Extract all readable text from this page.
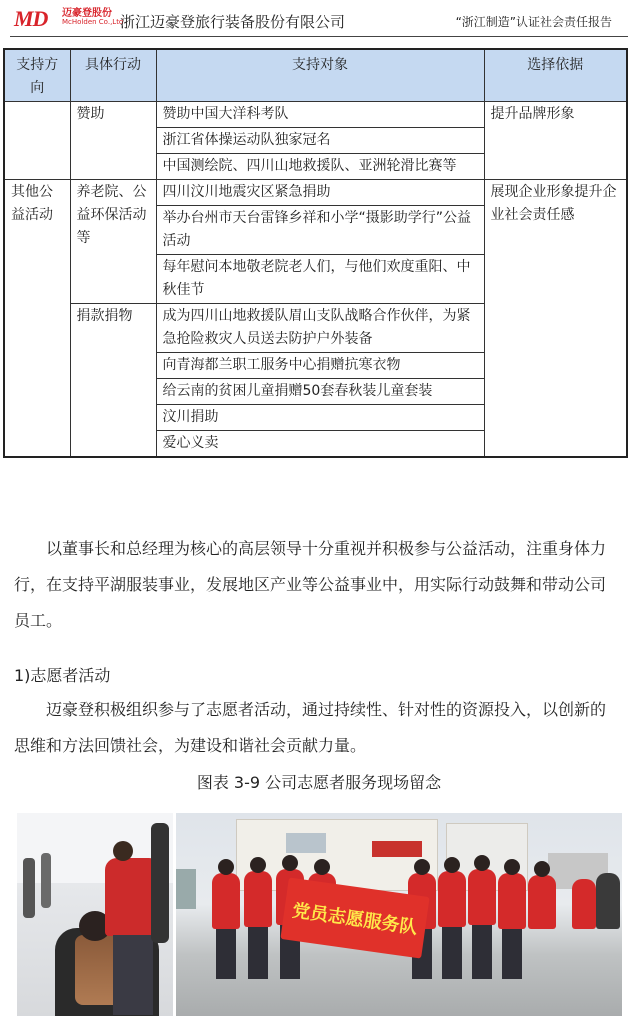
MD 迈豪登股份
McHolden Co.,Ltd
浙江迈豪登旅行装备股份有限公司	“浙江制造”认证社会责任报告
支持方向	具体行动	支持对象	选择依据
	赞助	赞助中国大洋科考队	提升品牌形象
		浙江省体操运动队独家冠名	
		中国测绘院、四川山地救援队、亚洲轮滑比赛等	
其他公益活动	养老院、公益环保活动等	四川汶川地震灾区紧急捐助	展现企业形象提升企业社会责任感
		举办台州市天台雷锋乡祥和小学“摄影助学行”公益活动	
		每年慰问本地敬老院老人们，与他们欢度重阳、中秋佳节	
	捐款捐物	成为四川山地救援队眉山支队战略合作伙伴，为紧急抢险救灾人员送去防护户外装备	
		向青海都兰职工服务中心捐赠抗寒衣物	
		给云南的贫困儿童捐赠50套春秋装儿童套装	
		汶川捐助	
		爱心义卖	

以董事长和总经理为核心的高层领导十分重视并积极参与公益活动，注重身体力行，在支持平湖服装事业，发展地区产业等公益事业中，用实际行动鼓舞和带动公司员工。

1)志愿者活动

迈豪登积极组织参与了志愿者活动，通过持续性、针对性的资源投入，以创新的思维和方法回馈社会，为建设和谐社会贡献力量。

图表 3-9 公司志愿者服务现场留念
党员志愿服务队
